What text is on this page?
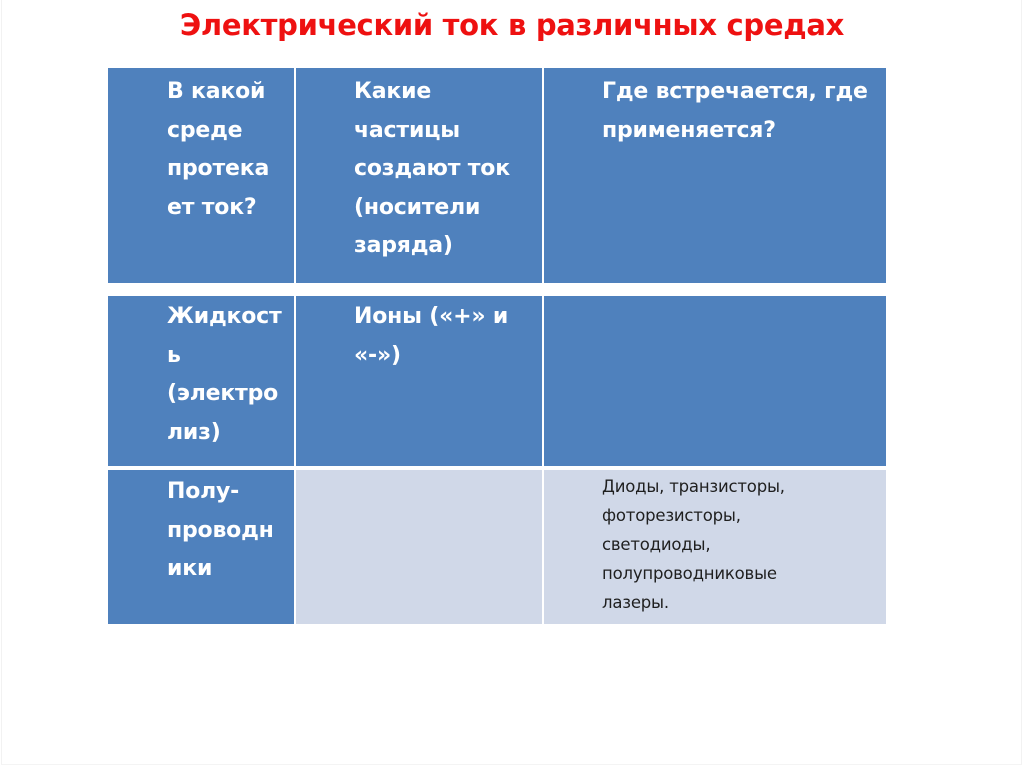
Электрический ток в различных средах
В какой
среде
протека
ет ток?
Какие
частицы
создают ток
(носители
заряда)
Где встречается, где
применяется?
Жидкост
ь
(электро
лиз)
Ионы («+» и
«-»)
Полу-
проводн
ики
Диоды, транзисторы,
фоторезисторы,
светодиоды,
полупроводниковые
лазеры.
